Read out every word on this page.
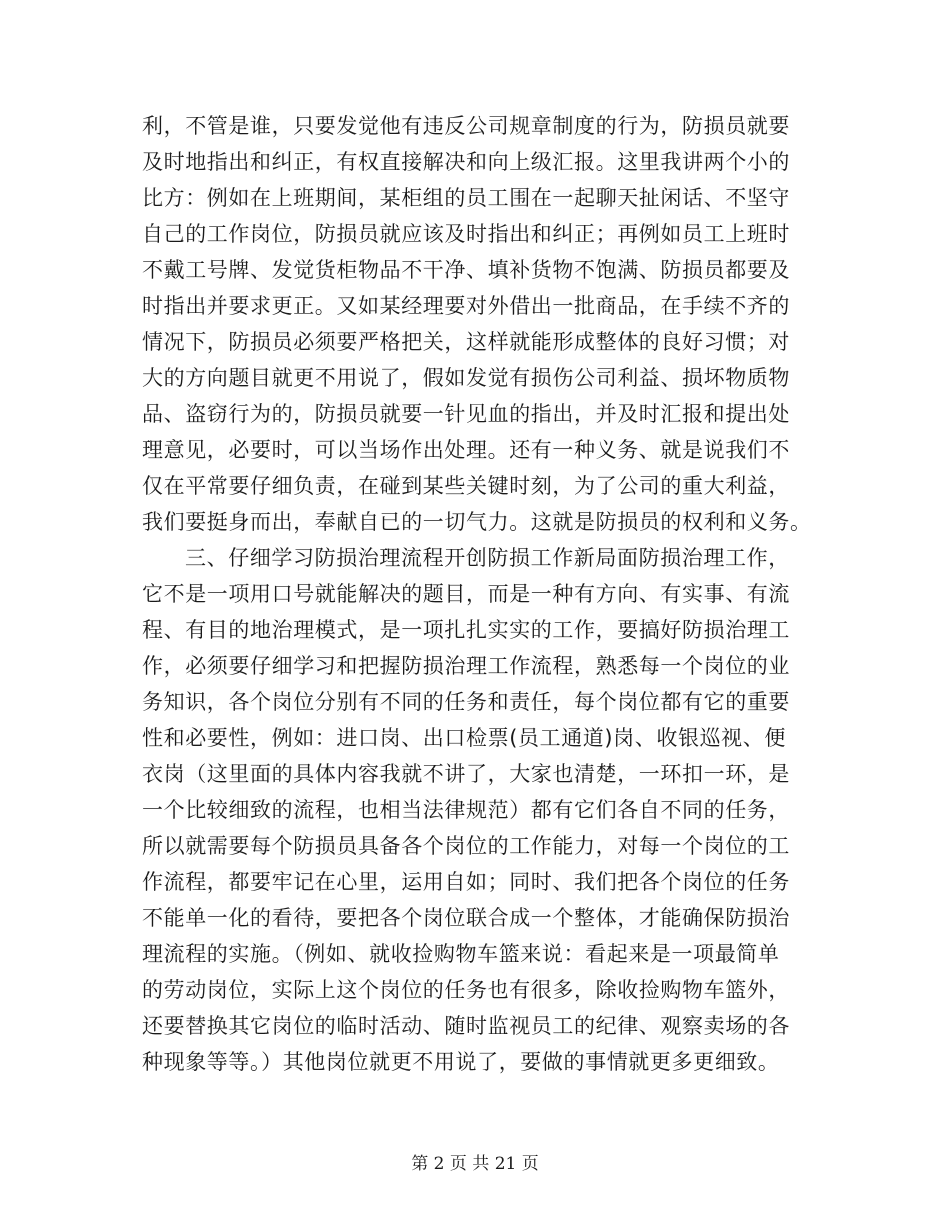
利，不管是谁，只要发觉他有违反公司规章制度的行为，防损员就要
及时地指出和纠正，有权直接解决和向上级汇报。这里我讲两个小的
比方：例如在上班期间，某柜组的员工围在一起聊天扯闲话、不坚守
自己的工作岗位，防损员就应该及时指出和纠正；再例如员工上班时
不戴工号牌、发觉货柜物品不干净、填补货物不饱满、防损员都要及
时指出并要求更正。又如某经理要对外借出一批商品，在手续不齐的
情况下，防损员必须要严格把关，这样就能形成整体的良好习惯；对
大的方向题目就更不用说了，假如发觉有损伤公司利益、损坏物质物
品、盗窃行为的，防损员就要一针见血的指出，并及时汇报和提出处
理意见，必要时，可以当场作出处理。还有一种义务、就是说我们不
仅在平常要仔细负责，在碰到某些关键时刻，为了公司的重大利益，
我们要挺身而出，奉献自已的一切气力。这就是防损员的权利和义务。
三、仔细学习防损治理流程开创防损工作新局面防损治理工作，
它不是一项用口号就能解决的题目，而是一种有方向、有实事、有流
程、有目的地治理模式，是一项扎扎实实的工作，要搞好防损治理工
作，必须要仔细学习和把握防损治理工作流程，熟悉每一个岗位的业
务知识，各个岗位分别有不同的任务和责任，每个岗位都有它的重要
性和必要性，例如：进口岗、出口检票(员工通道)岗、收银巡视、便
衣岗（这里面的具体内容我就不讲了，大家也清楚，一环扣一环，是
一个比较细致的流程，也相当法律规范）都有它们各自不同的任务，
所以就需要每个防损员具备各个岗位的工作能力，对每一个岗位的工
作流程，都要牢记在心里，运用自如；同时、我们把各个岗位的任务
不能单一化的看待，要把各个岗位联合成一个整体，才能确保防损治
理流程的实施。（例如、就收捡购物车篮来说：看起来是一项最简单
的劳动岗位，实际上这个岗位的任务也有很多，除收捡购物车篮外，
还要替换其它岗位的临时活动、随时监视员工的纪律、观察卖场的各
种现象等等。）其他岗位就更不用说了，要做的事情就更多更细致。
第 2 页 共 21 页
